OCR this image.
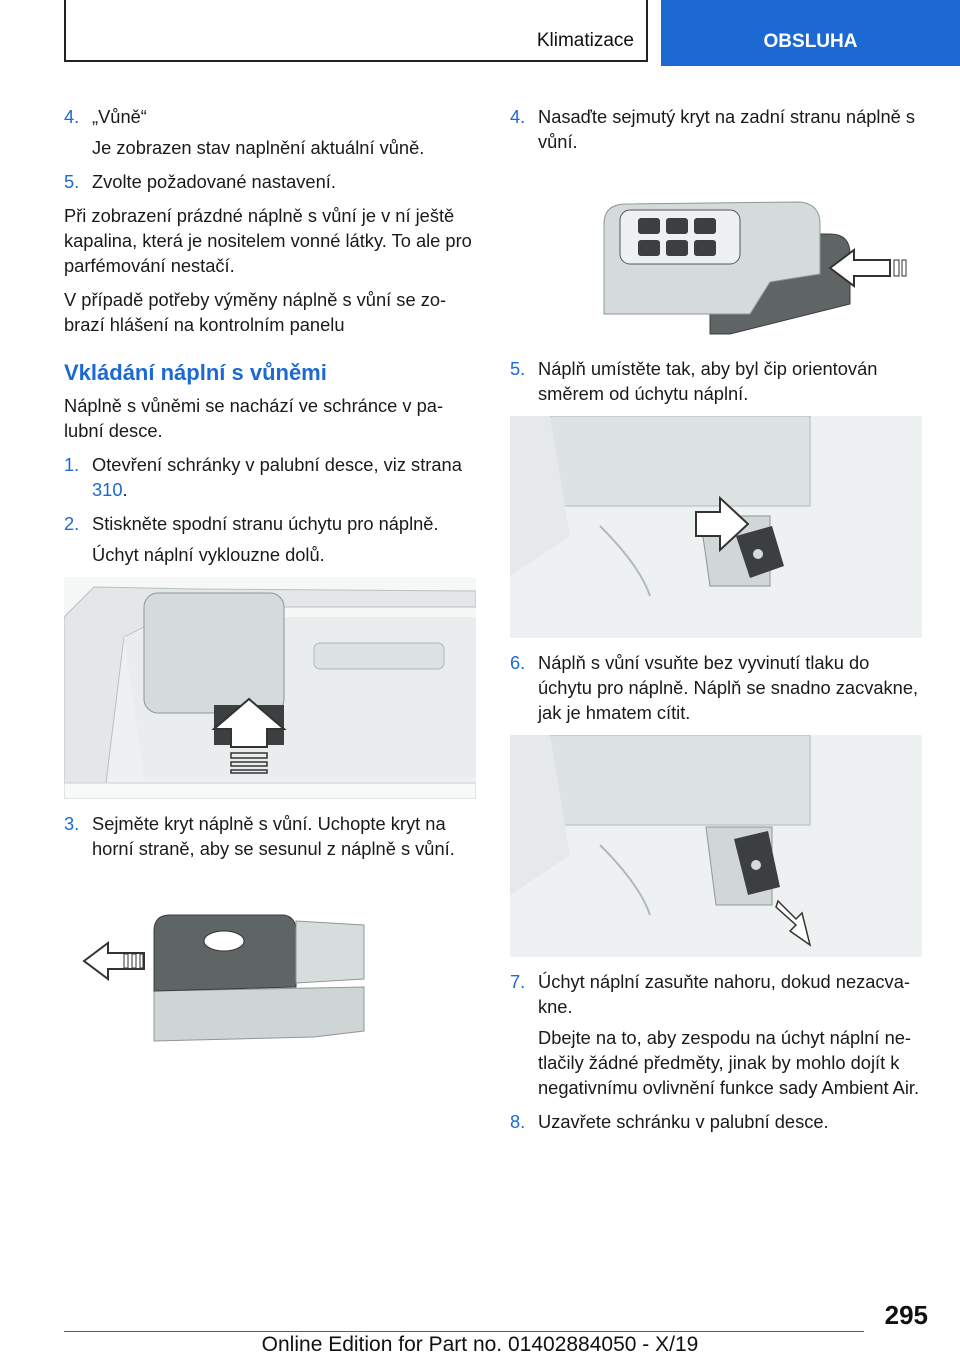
Klimatizace	OBSLUHA
4. „Vůně“
Je zobrazen stav naplnění aktuální vůně.
5. Zvolte požadované nastavení.

Při zobrazení prázdné náplně s vůní je v ní ještě kapalina, která je nositelem vonné látky. To ale pro parfémování nestačí.

V případě potřeby výměny náplně s vůní se zobrazí hlášení na kontrolním panelu

Vkládání náplní s vůněmi

Náplně s vůněmi se nachází ve schránce v palubní desce.

1. Otevření schránky v palubní desce, viz strana 310.
2. Stiskněte spodní stranu úchytu pro náplně.
Úchyt náplní vyklouzne dolů.
3. Sejměte kryt náplně s vůní. Uchopte kryt na horní straně, aby se sesunul z náplně s vůní.
4. Nasaďte sejmutý kryt na zadní stranu náplně s vůní.
5. Náplň umístěte tak, aby byl čip orientován směrem od úchytu náplní.
6. Náplň s vůní vsuňte bez vyvinutí tlaku do úchytu pro náplně. Náplň se snadno zacvakne, jak je hmatem cítit.
7. Úchyt náplní zasuňte nahoru, dokud nezacvakne.
Dbejte na to, aby zespodu na úchyt náplní netlačily žádné předměty, jinak by mohlo dojít k negativnímu ovlivnění funkce sady Ambient Air.
8. Uzavřete schránku v palubní desce.
295
Online Edition for Part no. 01402884050 - X/19
